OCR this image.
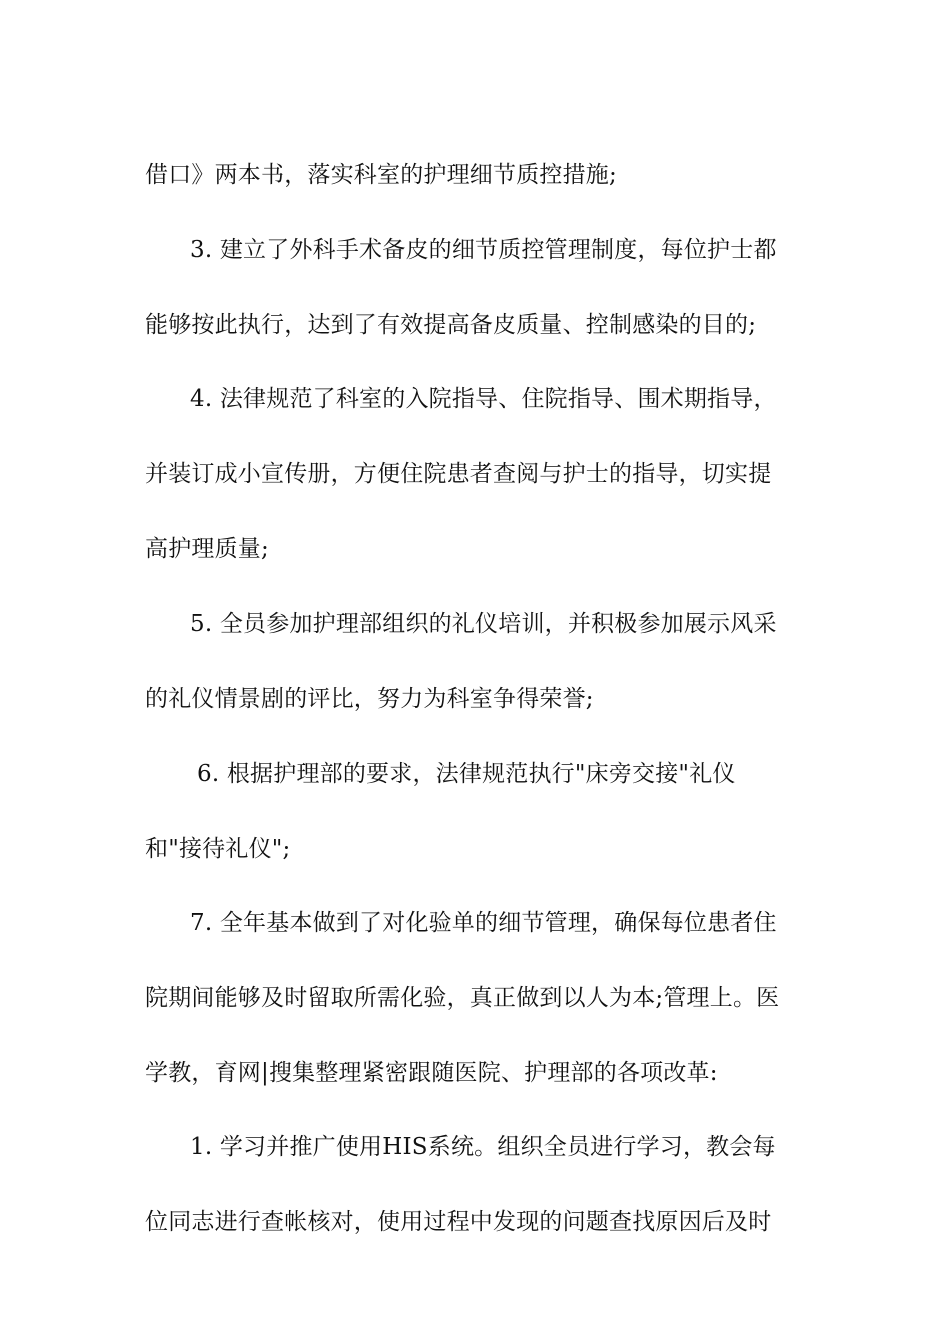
借口》两本书，落实科室的护理细节质控措施;

3. 建立了外科手术备皮的细节质控管理制度，每位护士都

能够按此执行，达到了有效提高备皮质量、控制感染的目的;

4. 法律规范了科室的入院指导、住院指导、围术期指导，

并装订成小宣传册，方便住院患者查阅与护士的指导，切实提

高护理质量;

5. 全员参加护理部组织的礼仪培训，并积极参加展示风采

的礼仪情景剧的评比，努力为科室争得荣誉;

6. 根据护理部的要求，法律规范执行"床旁交接"礼仪

和"接待礼仪";

7. 全年基本做到了对化验单的细节管理，确保每位患者住

院期间能够及时留取所需化验，真正做到以人为本;管理上。医

学教，育网|搜集整理紧密跟随医院、护理部的各项改革:

1. 学习并推广使用HIS系统。组织全员进行学习，教会每

位同志进行查帐核对，使用过程中发现的问题查找原因后及时
